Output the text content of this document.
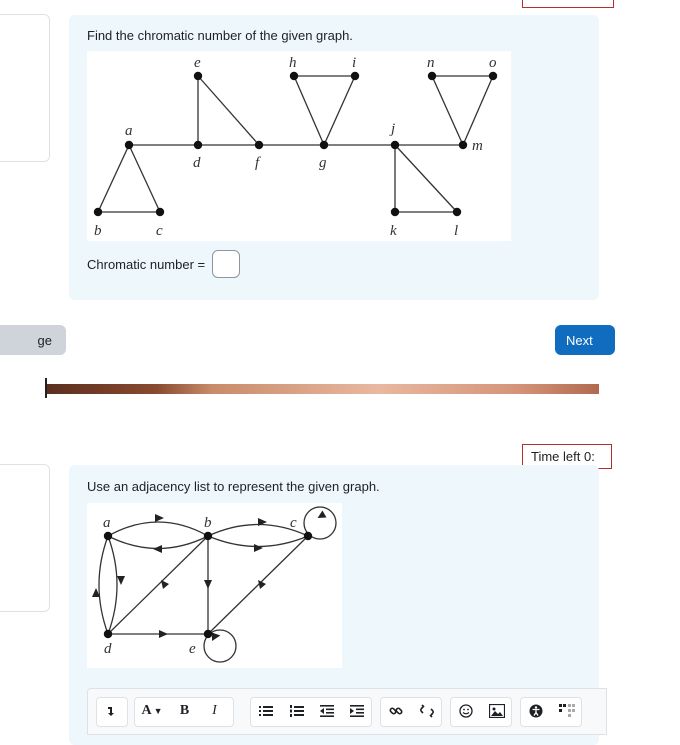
Find the chromatic number of the given graph.
a
b	c
d
e
f	g
h	i
j
k	l
m
n	o
Chromatic number =
ge	Next
Time left 0:
Use an adjacency list to represent the given graph.
a	b	c
d	e
A ▼ B I
